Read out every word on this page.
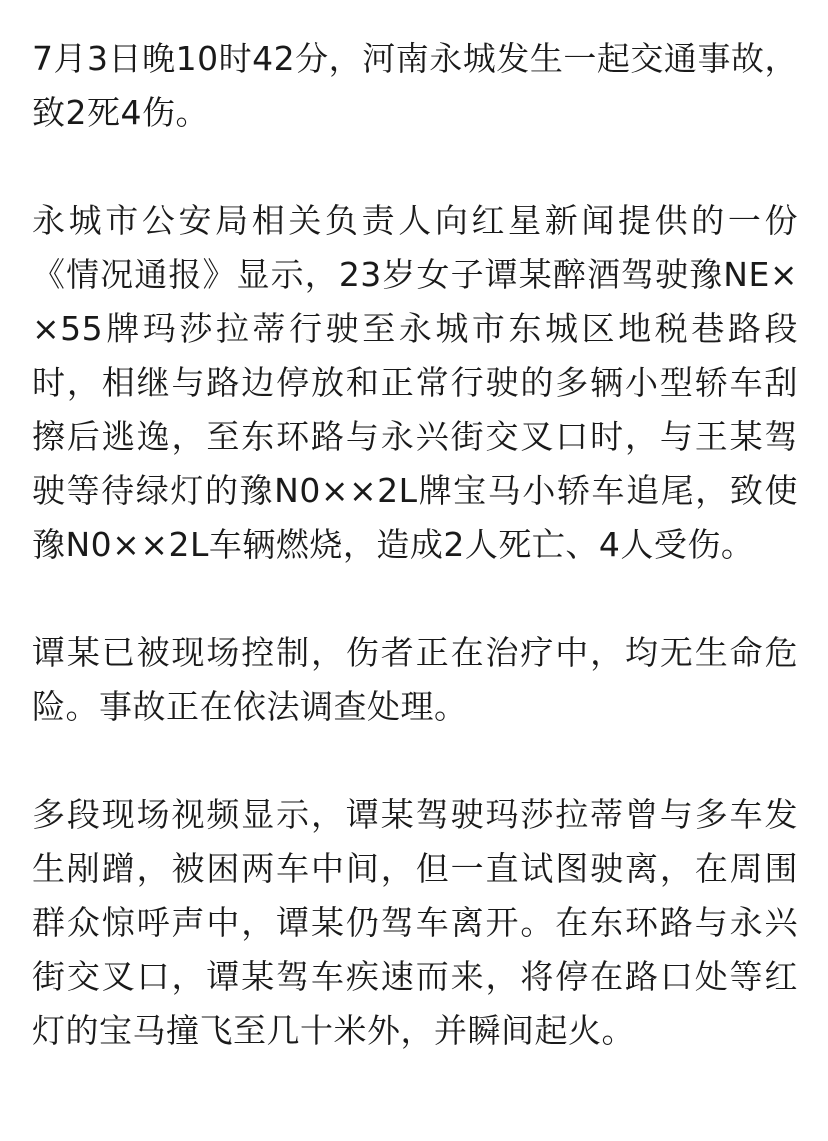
7月3日晚10时42分，河南永城发生一起交通事故，致2死4伤。

永城市公安局相关负责人向红星新闻提供的一份《情况通报》显示，23岁女子谭某醉酒驾驶豫NE××55牌玛莎拉蒂行驶至永城市东城区地税巷路段时，相继与路边停放和正常行驶的多辆小型轿车刮擦后逃逸，至东环路与永兴街交叉口时，与王某驾驶等待绿灯的豫N0××2L牌宝马小轿车追尾，致使豫N0××2L车辆燃烧，造成2人死亡、4人受伤。

谭某已被现场控制，伤者正在治疗中，均无生命危险。事故正在依法调查处理。

多段现场视频显示，谭某驾驶玛莎拉蒂曾与多车发生剐蹭，被困两车中间，但一直试图驶离，在周围群众惊呼声中，谭某仍驾车离开。在东环路与永兴街交叉口，谭某驾车疾速而来，将停在路口处等红灯的宝马撞飞至几十米外，并瞬间起火。
